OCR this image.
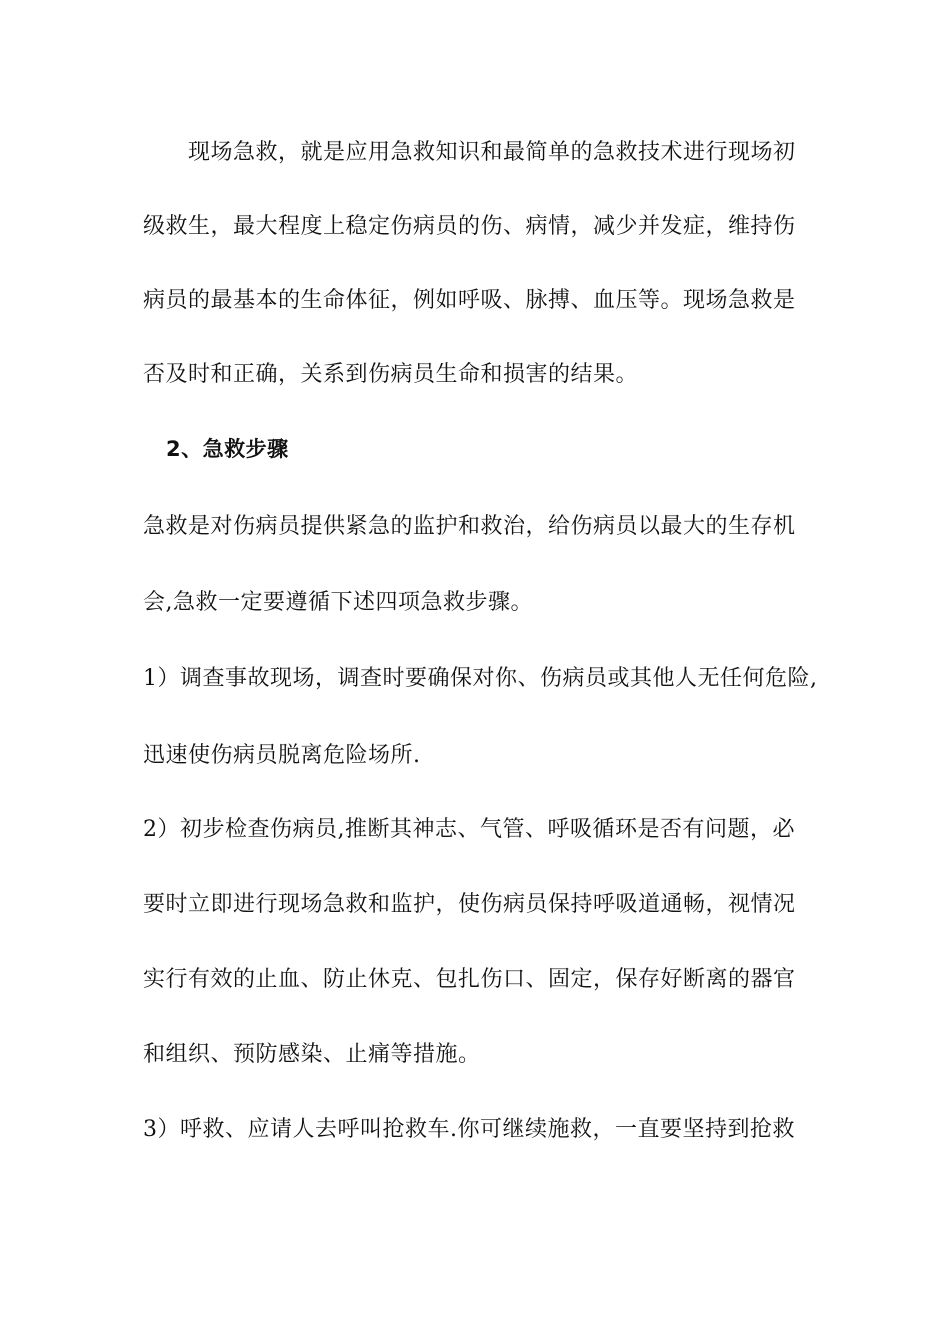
现场急救，就是应用急救知识和最简单的急救技术进行现场初
级救生，最大程度上稳定伤病员的伤、病情，减少并发症，维持伤
病员的最基本的生命体征，例如呼吸、脉搏、血压等。现场急救是
否及时和正确，关系到伤病员生命和损害的结果。
2、急救步骤
急救是对伤病员提供紧急的监护和救治，给伤病员以最大的生存机
会,急救一定要遵循下述四项急救步骤。
1）调查事故现场，调查时要确保对你、伤病员或其他人无任何危险,
迅速使伤病员脱离危险场所.
2）初步检查伤病员,推断其神志、气管、呼吸循环是否有问题，必
要时立即进行现场急救和监护，使伤病员保持呼吸道通畅，视情况
实行有效的止血、防止休克、包扎伤口、固定，保存好断离的器官
和组织、预防感染、止痛等措施。
3）呼救、应请人去呼叫抢救车.你可继续施救，一直要坚持到抢救
